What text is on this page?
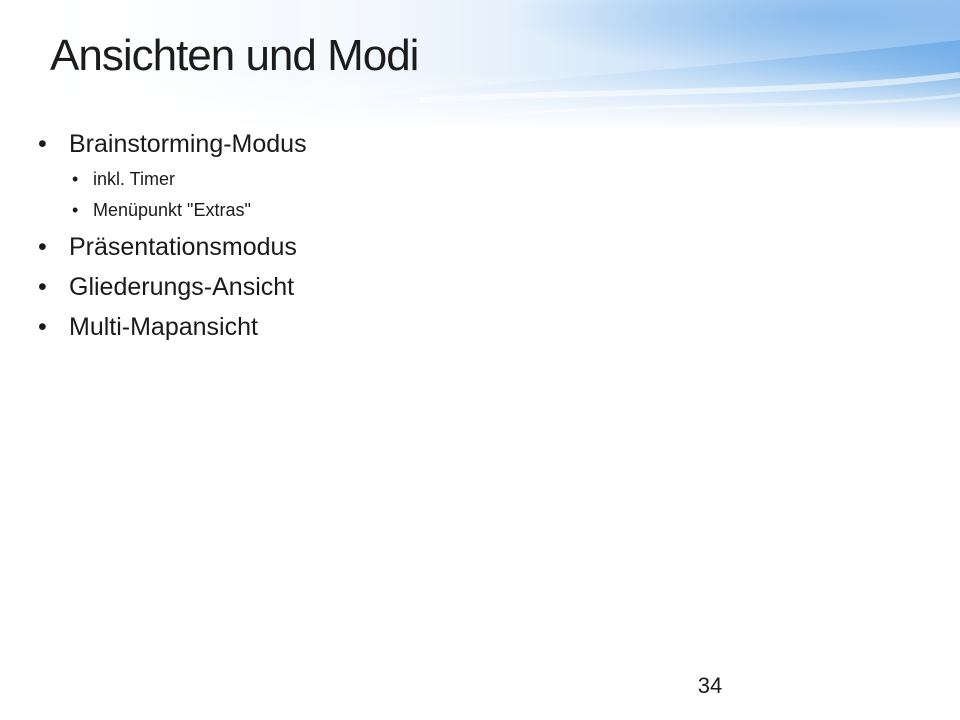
Ansichten und Modi
• Brainstorming-Modus
• inkl. Timer
• Menüpunkt "Extras"
• Präsentationsmodus
• Gliederungs-Ansicht
• Multi-Mapansicht
34
